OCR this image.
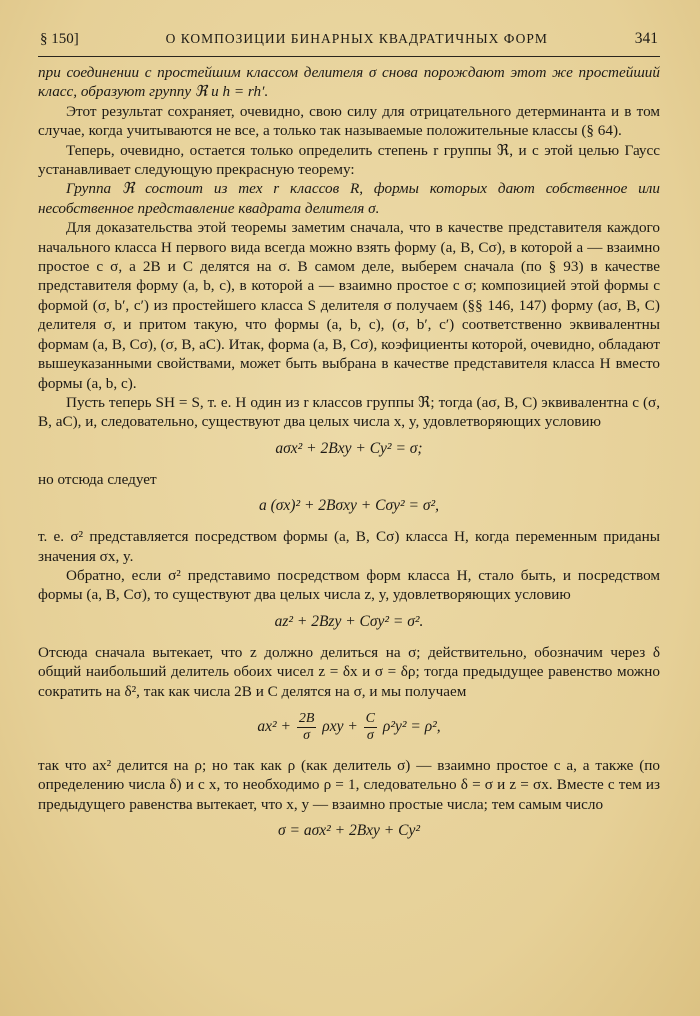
§ 150]	О КОМПОЗИЦИИ БИНАРНЫХ КВАДРАТИЧНЫХ ФОРМ	341

при соединении с простейшим классом делителя σ снова порождают этот же простейший класс, образуют группу ℜ и h = rh′.

Этот результат сохраняет, очевидно, свою силу для отрицательного детерминанта и в том случае, когда учитываются не все, а только так называемые положительные классы (§ 64).

Теперь, очевидно, остается только определить степень r группы ℜ, и с этой целью Гаусс устанавливает следующую прекрасную теорему:

Группа ℜ состоит из тех r классов R, формы которых дают собственное или несобственное представление квадрата делителя σ.

Для доказательства этой теоремы заметим сначала, что в качестве представителя каждого начального класса H первого вида всегда можно взять форму (a, B, Cσ), в которой a — взаимно простое с σ, а 2B и C делятся на σ. В самом деле, выберем сначала (по § 93) в качестве представителя форму (a, b, c), в которой a — взаимно простое с σ; композицией этой формы с формой (σ, b′, c′) из простейшего класса S делителя σ получаем (§§ 146, 147) форму (aσ, B, C) делителя σ, и притом такую, что формы (a, b, c), (σ, b′, c′) соответственно эквивалентны формам (a, B, Cσ), (σ, B, aC). Итак, форма (a, B, Cσ), коэфициенты которой, очевидно, обладают вышеуказанными свойствами, может быть выбрана в качестве представителя класса H вместо формы (a, b, c).

Пусть теперь SH = S, т. е. H один из r классов группы ℜ; тогда (aσ, B, C) эквивалентна с (σ, B, aC), и, следовательно, существуют два целых числа x, y, удовлетворяющих условию

aσx² + 2Bxy + Cy² = σ;

но отсюда следует

a (σx)² + 2Bσxy + Cσy² = σ²,

т. е. σ² представляется посредством формы (a, B, Cσ) класса H, когда переменным приданы значения σx, y.

Обратно, если σ² представимо посредством форм класса H, стало быть, и посредством формы (a, B, Cσ), то существуют два целых числа z, y, удовлетворяющих условию

az² + 2Bzy + Cσy² = σ².

Отсюда сначала вытекает, что z должно делиться на σ; действительно, обозначим через δ общий наибольший делитель обоих чисел z = δx и σ = δρ; тогда предыдущее равенство можно сократить на δ², так как числа 2B и C делятся на σ, и мы получаем

$ax^2 + \frac{2B}{\sigma}$ $\rho xy + \frac{C}{\sigma} \rho^2y^2 = \rho^2$,

так что ax² делится на ρ; но так как ρ (как делитель σ) — взаимно простое с a, а также (по определению числа δ) и с x, то необходимо ρ = 1, следовательно δ = σ и z = σx. Вместе с тем из предыдущего равенства вытекает, что x, y — взаимно простые числа; тем самым число

σ = aσx² + 2Bxy + Cy²
